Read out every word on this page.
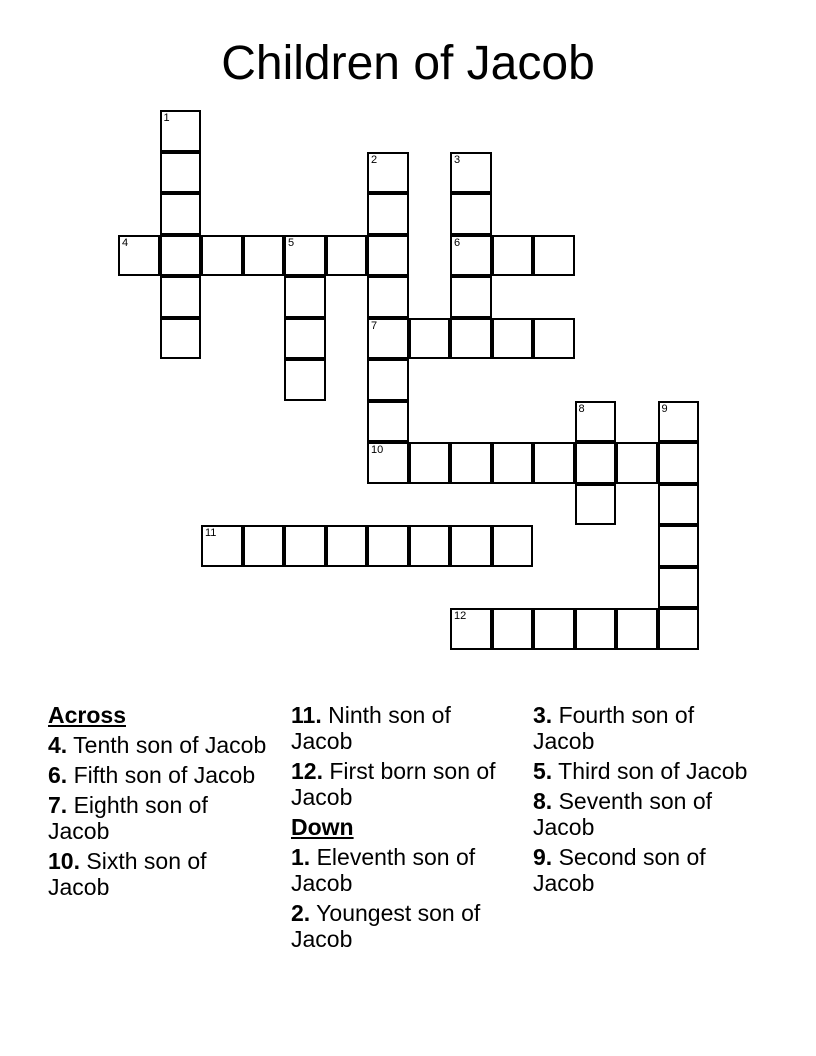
Children of Jacob
1
2	3
4	5	6
7
8	9
10
11
12
Across
4. Tenth son of Jacob
6. Fifth son of Jacob
7. Eighth son of Jacob
10. Sixth son of Jacob
11. Ninth son of Jacob
12. First born son of Jacob
Down
1. Eleventh son of Jacob
2. Youngest son of Jacob
3. Fourth son of Jacob
5. Third son of Jacob
8. Seventh son of Jacob
9. Second son of Jacob
